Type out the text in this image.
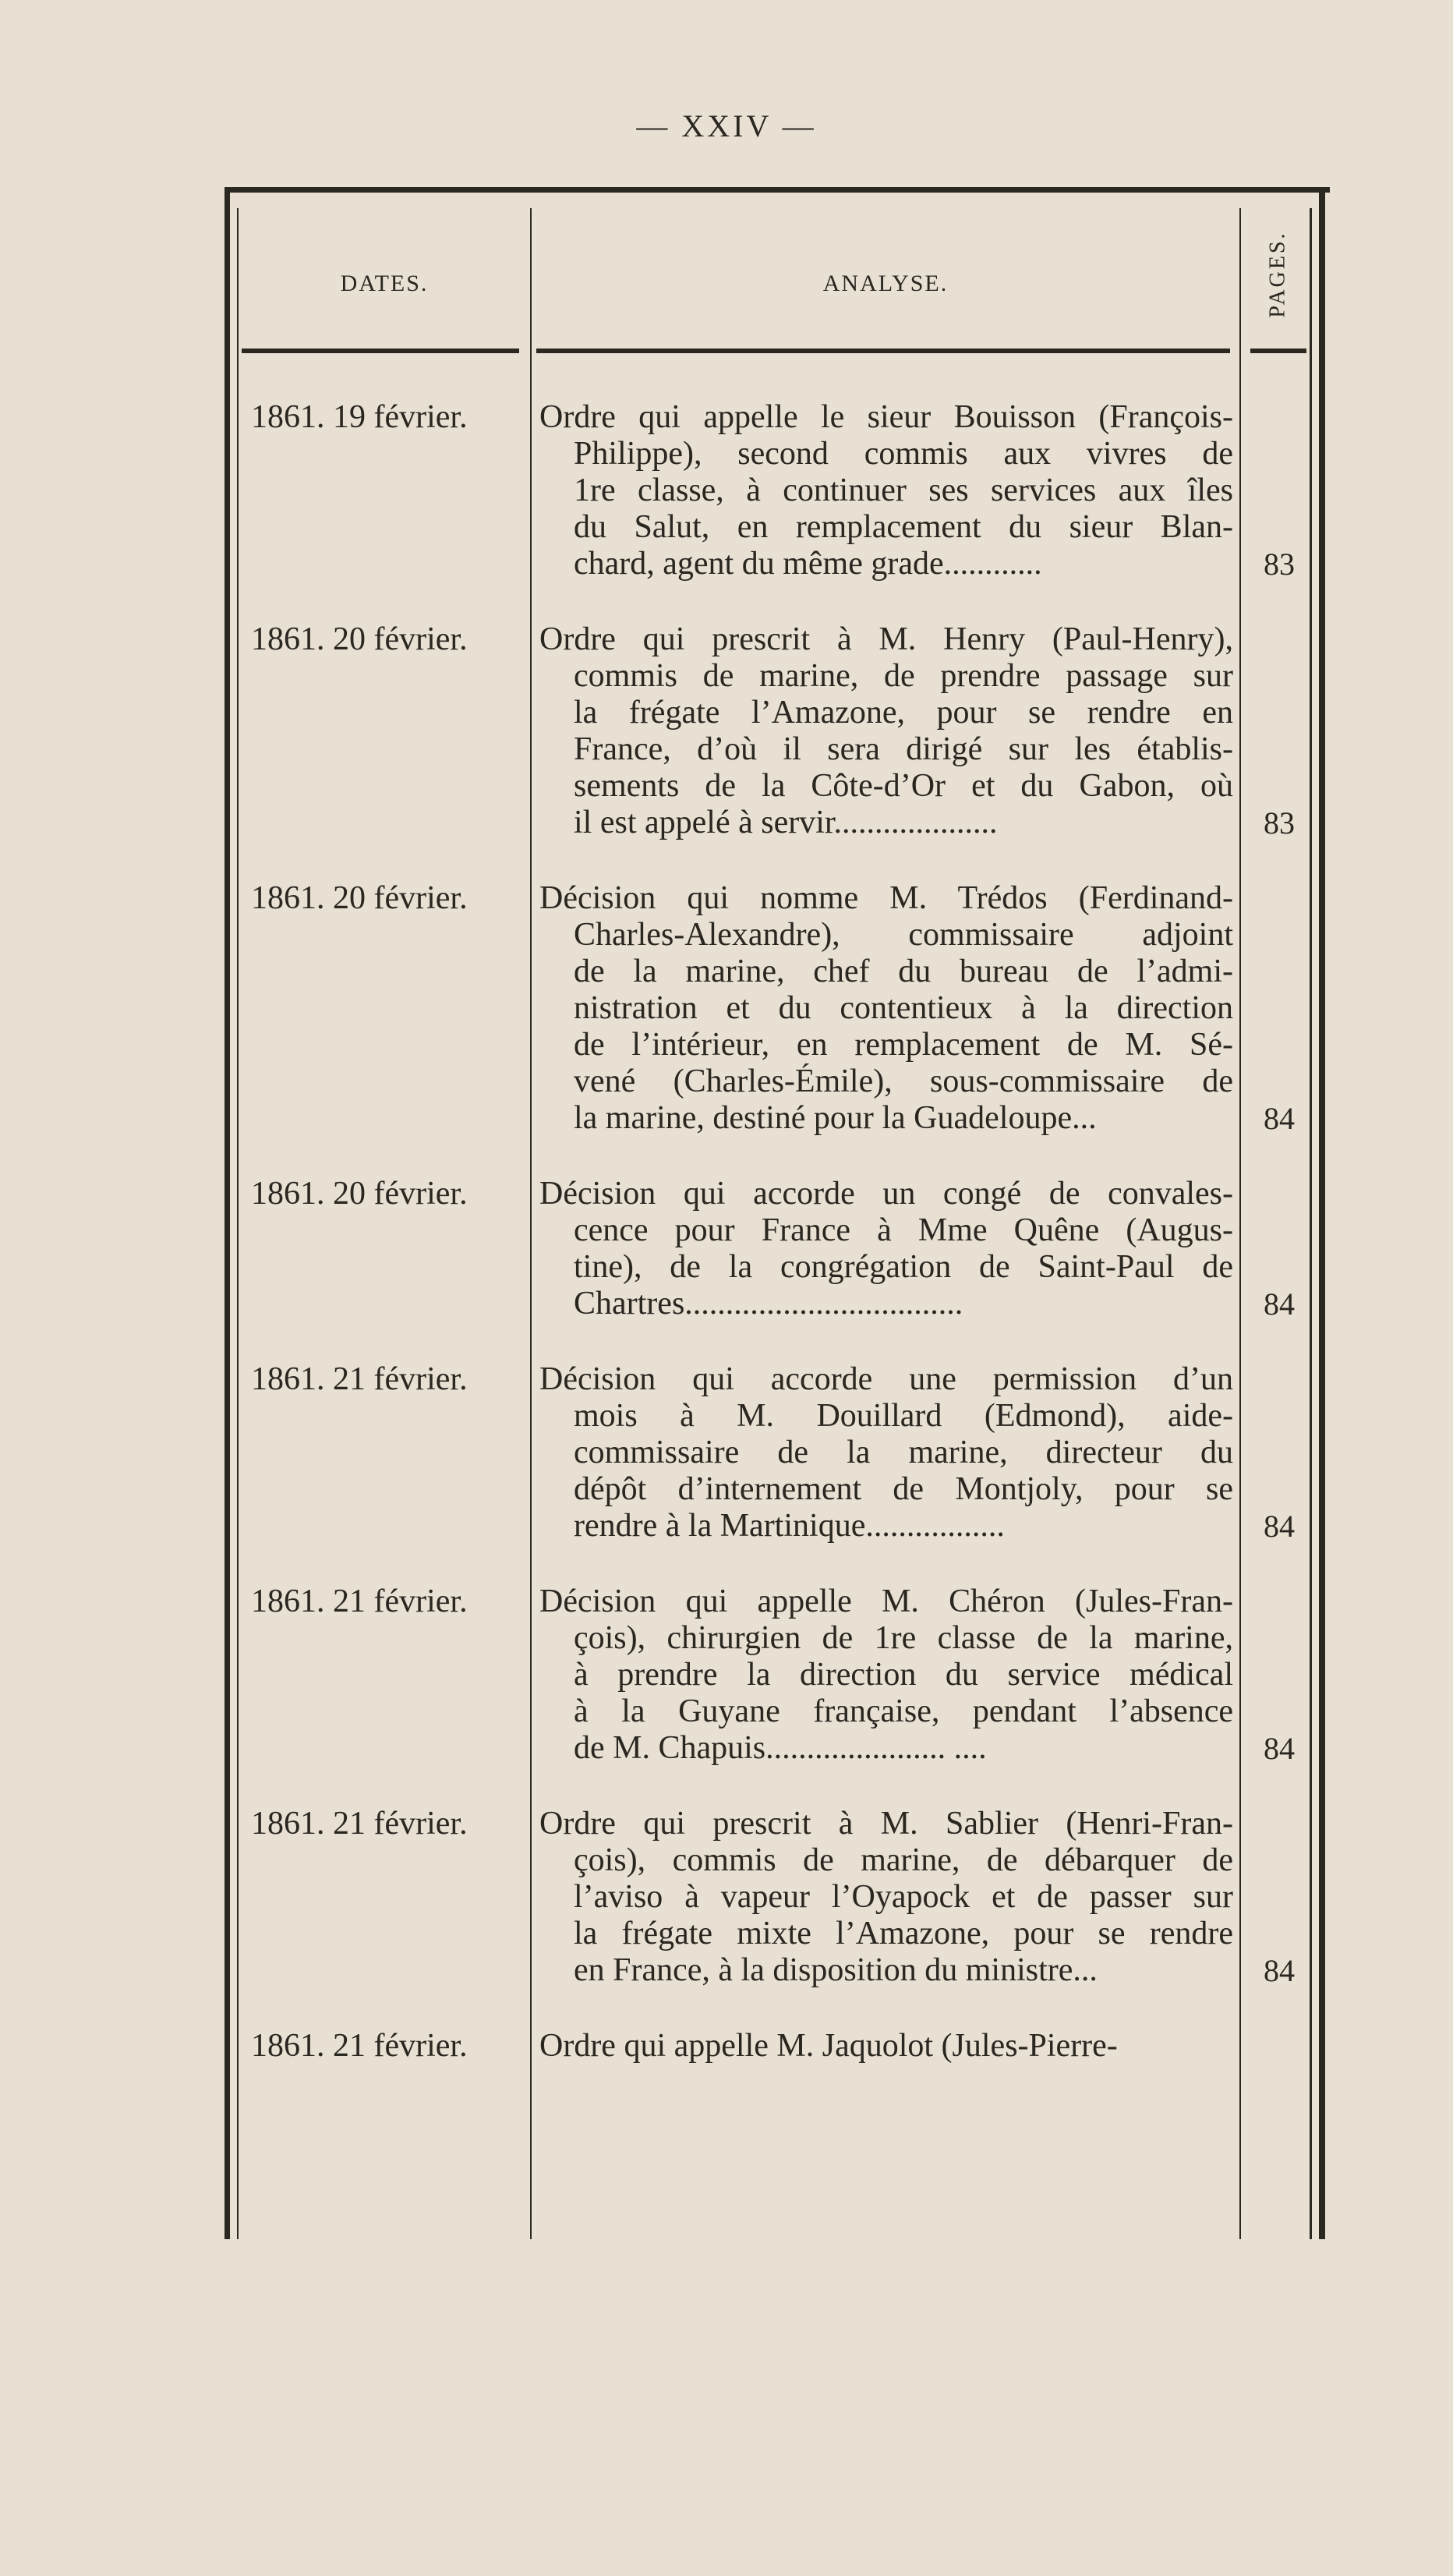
— XXIV —
DATES.	ANALYSE.	PAGES.
1861. 19 février.	Ordre qui appelle le sieur Bouisson (François-
Philippe), second commis aux vivres de
1re classe, à continuer ses services aux îles
du Salut, en remplacement du sieur Blan-
chard, agent du même grade............	83
1861. 20 février.	Ordre qui prescrit à M. Henry (Paul-Henry),
commis de marine, de prendre passage sur
la frégate l’Amazone, pour se rendre en
France, d’où il sera dirigé sur les établis-
sements de la Côte-d’Or et du Gabon, où
il est appelé à servir....................	83
1861. 20 février.	Décision qui nomme M. Trédos (Ferdinand-
Charles-Alexandre), commissaire adjoint
de la marine, chef du bureau de l’admi-
nistration et du contentieux à la direction
de l’intérieur, en remplacement de M. Sé-
vené (Charles-Émile), sous-commissaire de
la marine, destiné pour la Guadeloupe...	84
1861. 20 février.	Décision qui accorde un congé de convales-
cence pour France à Mme Quêne (Augus-
tine), de la congrégation de Saint-Paul de
Chartres..................................	84
1861. 21 février.	Décision qui accorde une permission d’un
mois à M. Douillard (Edmond), aide-
commissaire de la marine, directeur du
dépôt d’internement de Montjoly, pour se
rendre à la Martinique.................	84
1861. 21 février.	Décision qui appelle M. Chéron (Jules-Fran-
çois), chirurgien de 1re classe de la marine,
à prendre la direction du service médical
à la Guyane française, pendant l’absence
de M. Chapuis...................... ....	84
1861. 21 février.	Ordre qui prescrit à M. Sablier (Henri-Fran-
çois), commis de marine, de débarquer de
l’aviso à vapeur l’Oyapock et de passer sur
la frégate mixte l’Amazone, pour se rendre
en France, à la disposition du ministre...	84
1861. 21 février.	Ordre qui appelle M. Jaquolot (Jules-Pierre-
